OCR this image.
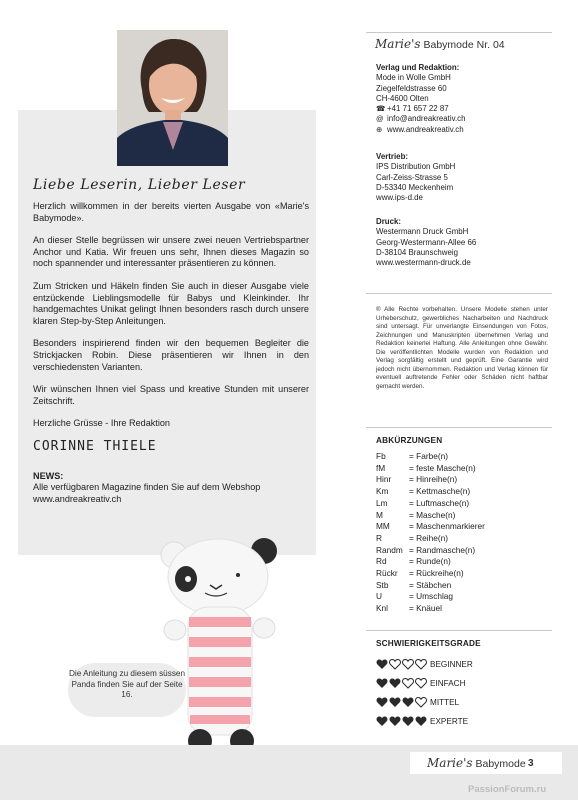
Liebe Leserin, Lieber Leser

Herzlich willkommen in der bereits vierten Ausgabe von «Marie's Babymode».

An dieser Stelle begrüssen wir unsere zwei neuen Vertriebspartner Anchor und Katia. Wir freuen uns sehr, Ihnen dieses Magazin so noch spannender und interessanter präsentieren zu können.

Zum Stricken und Häkeln finden Sie auch in dieser Ausgabe viele entzückende Lieblingsmodelle für Babys und Kleinkinder. Ihr handgemachtes Unikat gelingt Ihnen besonders rasch durch unsere klaren Step-by-Step Anleitungen.

Besonders inspirierend finden wir den bequemen Begleiter die Strickjacken Robin. Diese präsentieren wir Ihnen in den verschiedensten Varianten.

Wir wünschen Ihnen viel Spass und kreative Stunden mit unserer Zeitschrift.

Herzliche Grüsse - Ihre Redaktion

CORINNE THIELE
NEWS:

Alle verfügbaren Magazine finden Sie auf dem Webshop

www.andreakreativ.ch

Die Anleitung zu diesem süssen Panda finden Sie auf der Seite 16.
Marie's Babymode Nr. 04
Verlag und Redaktion:
Mode in Wolle GmbH
Ziegelfeldstrasse 60
CH-4600 Olten
☎ +41 71 657 22 87
@ info@andreakreativ.ch
⊕ www.andreakreativ.ch
Vertrieb:
IPS Distribution GmbH
Carl-Zeiss-Strasse 5
D-53340 Meckenheim
www.ips-d.de
Druck:
Westermann Druck GmbH
Georg-Westermann-Allee 66
D-38104 Braunschweig
www.westermann-druck.de
® Alle Rechte vorbehalten. Unsere Modelle stehen unter Urheberschutz, gewerbliches Nacharbeiten und Nachdruck sind untersagt. Für unverlangte Einsendungen von Fotos, Zeichnungen und Manuskripten übernehmen Verlag und Redaktion keinerlei Haftung. Alle Anleitungen ohne Gewähr. Die veröffentlichten Modelle wurden von Redaktion und Verlag sorgfältig erstellt und geprüft. Eine Garantie wird jedoch nicht übernommen. Redaktion und Verlag können für eventuell auftretende Fehler oder Schäden nicht haftbar gemacht werden.
ABKÜRZUNGEN
Fb	= Farbe(n)
fM	= feste Masche(n)
Hinr	= Hinreihe(n)
Km	= Kettmasche(n)
Lm	= Luftmasche(n)
M	= Masche(n)
MM	= Maschenmarkierer
R	= Reihe(n)
Randm = Randmasche(n)
Rd	= Runde(n)
Rückr	= Rückreihe(n)
Stb	= Stäbchen
U	= Umschlag
Knl	= Knäuel
SCHWIERIGKEITSGRADE
BEGINNER
EINFACH
MITTEL
EXPERTE
Marie's Babymode 3
PassionForum.ru
